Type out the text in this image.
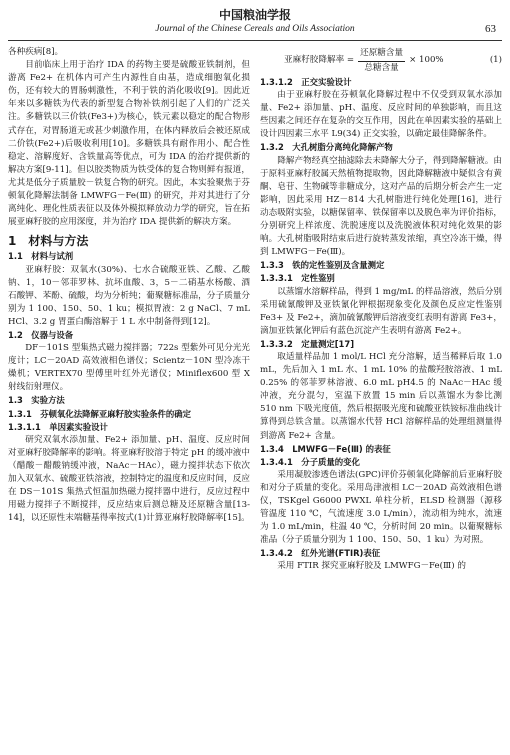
中国粮油学报
Journal of the Chinese Cereals and Oils Association	63

各种疾病[8]。

目前临床上用于治疗 IDA 的药物主要是硫酸亚铁制剂，但游离 Fe2+ 在机体内可产生内源性自由基，造成细胞氧化损伤，还有较大的胃肠刺激性，不利于铁的消化吸收[9]。因此近年来以多糖铁为代表的新型复合物补铁剂引起了人们的广泛关注。多糖铁以三价铁(Fe3+)为核心，铁元素以稳定的配合物形式存在，对胃肠道无或甚少刺激作用，在体内释放后会被还原成二价铁(Fe2+)后吸收利用[10]。多糖铁具有耐作用小、配合性稳定、溶解度好、含铁量高等优点，可为 IDA 的治疗提供新的解决方案[9-11]。但以胶类物质为铁受体的复合物则鲜有报道，尤其是低分子质量胶－铁复合物的研究。因此，本实验聚焦于芬顿氧化降解法制备 LMWFG－Fe(Ⅲ) 的研究，并对其进行了分离纯化、理化性质表征以及体外模拟释放动力学的研究，旨在拓展亚麻籽胶的应用深度，并为治疗 IDA 提供新的解决方案。

1　材料与方法

1.1　材料与试剂

亚麻籽胶：双氧水(30%)、七水合硫酸亚铁、乙酸、乙酸钠、1，10－邻菲罗林、抗坏血酸、3，5－二硝基水杨酸、酒石酸钾、苯酚、硫酸，均为分析纯；葡聚糖标准品，分子质量分别为 1 100、150、50、1 ku；模拟胃液：2 g NaCl、7 mL HCl、3.2 g 胃蛋白酶溶解于 1 L 水中制备得到[12]。

1.2　仪器与设备

DF－101S 型集热式磁力搅拌器；722s 型紫外可见分光光度计；LC－20AD 高效液相色谱仪；Scientz－10N 型冷冻干燥机；VERTEX70 型傅里叶红外光谱仪；Miniflex600 型 X 射线衍射理仪。

1.3　实验方法

1.3.1　芬顿氧化法降解亚麻籽胶实验条件的确定

1.3.1.1　单因素实验设计

研究双氧水添加量、Fe2+ 添加量、pH、温度、反应时间对亚麻籽胶降解率的影响。将亚麻籽胶溶于特定 pH 的缓冲液中（醋酸－醋酸钠缓冲液，NaAc－HAc），磁力搅拌状态下依次加入双氧水、硫酸亚铁溶液，控制特定的温度和反应时间，反应在 DS－101S 集热式恒温加热磁力搅拌器中进行，反应过程中用磁力搅拌子不断搅拌，反应结束后测总糖及还原糖含量[13-14]，以还原性末端糖基得率按式(1)计算亚麻籽胶降解率[15]。

亚麻籽胶降解率 = $\frac{\text{还原糖含量}}{\text{总糖含量}} \times 100\%$	(1)

1.3.1.2　正交实验设计

由于亚麻籽胶在芬顿氧化降解过程中不仅受到双氧水添加量、Fe2+ 添加量、pH、温度、反应时间的单独影响，而且这些因素之间还存在复杂的交互作用，因此在单因素实验的基础上设计四因素三水平 L9(34) 正交实验，以确定最佳降解条件。

1.3.2　大孔树脂分离纯化降解产物

降解产物经真空抽滤除去未降解大分子，得到降解糖液。由于原料亚麻籽胶属天然植物提取物，因此降解糖液中疑似含有黄酮、皂苷、生物碱等非糖成分，这对产品的后期分析会产生一定影响，因此采用 HZ－814 大孔树脂进行纯化处理[16]，进行动态吸附实验，以糖保留率、铁保留率以及脱色率为评价指标，分别研究上样浓度、洗脱速度以及洗脱液体积对纯化效果的影响。大孔树脂吸附结束后进行旋转蒸发浓缩，真空冷冻干燥，得到 LMWFG－Fe(Ⅲ)。

1.3.3　铁的定性鉴别及含量测定

1.3.3.1　定性鉴别

以蒸馏水溶解样品，得到 1 mg/mL 的样品溶液，然后分别采用硫氰酸钾及亚铁氰化钾根据现象变化及颜色反应定性鉴别 Fe3+ 及 Fe2+，滴加硫氰酸钾后溶液变红表明有游离 Fe3+，滴加亚铁氰化钾后有蓝色沉淀产生表明有游离 Fe2+。

1.3.3.2　定量测定[17]

取适量样品加 1 mol/L HCl 充分溶解，适当稀释后取 1.0 mL，先后加入 1 mL 水、1 mL 10% 的盐酸羟胺溶液、1 mL 0.25% 的邻菲罗林溶液、6.0 mL pH4.5 的 NaAc－HAc 缓冲液，充分混匀，室温下放置 15 min 后以蒸馏水为参比测 510 nm 下吸光度值，然后根据吸光度和硫酸亚铁铵标准曲线计算得到总铁含量。以蒸馏水代替 HCl 溶解样品的处理组测量得到游离 Fe2+ 含量。

1.3.4　LMWFG－Fe(Ⅲ) 的表征

1.3.4.1　分子质量的变化

采用凝胶渗透色谱法(GPC)评价芬顿氧化降解前后亚麻籽胶和对分子质量的变化。采用岛津液相 LC－20AD 高效液相色谱仪，TSKgel G6000 PWXL 单柱分析，ELSD 检测器（源移管温度 110 ℃，气流速度 3.0 L/min），流动相为纯水，流速为 1.0 mL/min，柱温 40 ℃，分析时间 20 min。以葡聚糖标准品（分子质量分别为 1 100、150、50、1 ku）为对照。

1.3.4.2　红外光谱(FTIR)表征

采用 FTIR 探究亚麻籽胶及 LMWFG－Fe(Ⅲ) 的
